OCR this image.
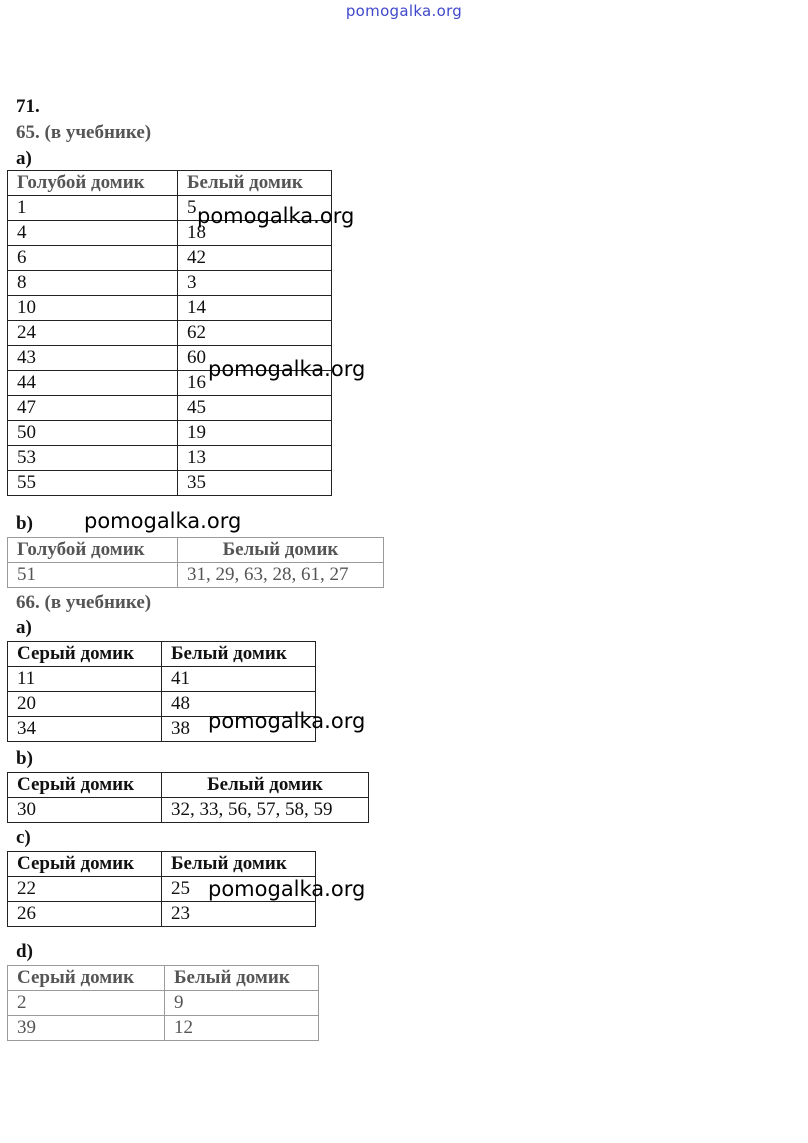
pomogalka.org
71.
65. (в учебнике)
a)
Голубой домик	Белый домик
1	5
4	18
6	42
8	3
10	14
24	62
43	60
44	16
47	45
50	19
53	13
55	35
b)
Голубой домик	Белый домик
51	31, 29, 63, 28, 61, 27
66. (в учебнике)
a)
Серый домик	Белый домик
11	41
20	48
34	38
b)
Серый домик	Белый домик
30	32, 33, 56, 57, 58, 59
c)
Серый домик	Белый домик
22	25
26	23
d)
Серый домик	Белый домик
2	9
39	12
pomogalka.org
pomogalka.org
pomogalka.org
pomogalka.org
pomogalka.org
